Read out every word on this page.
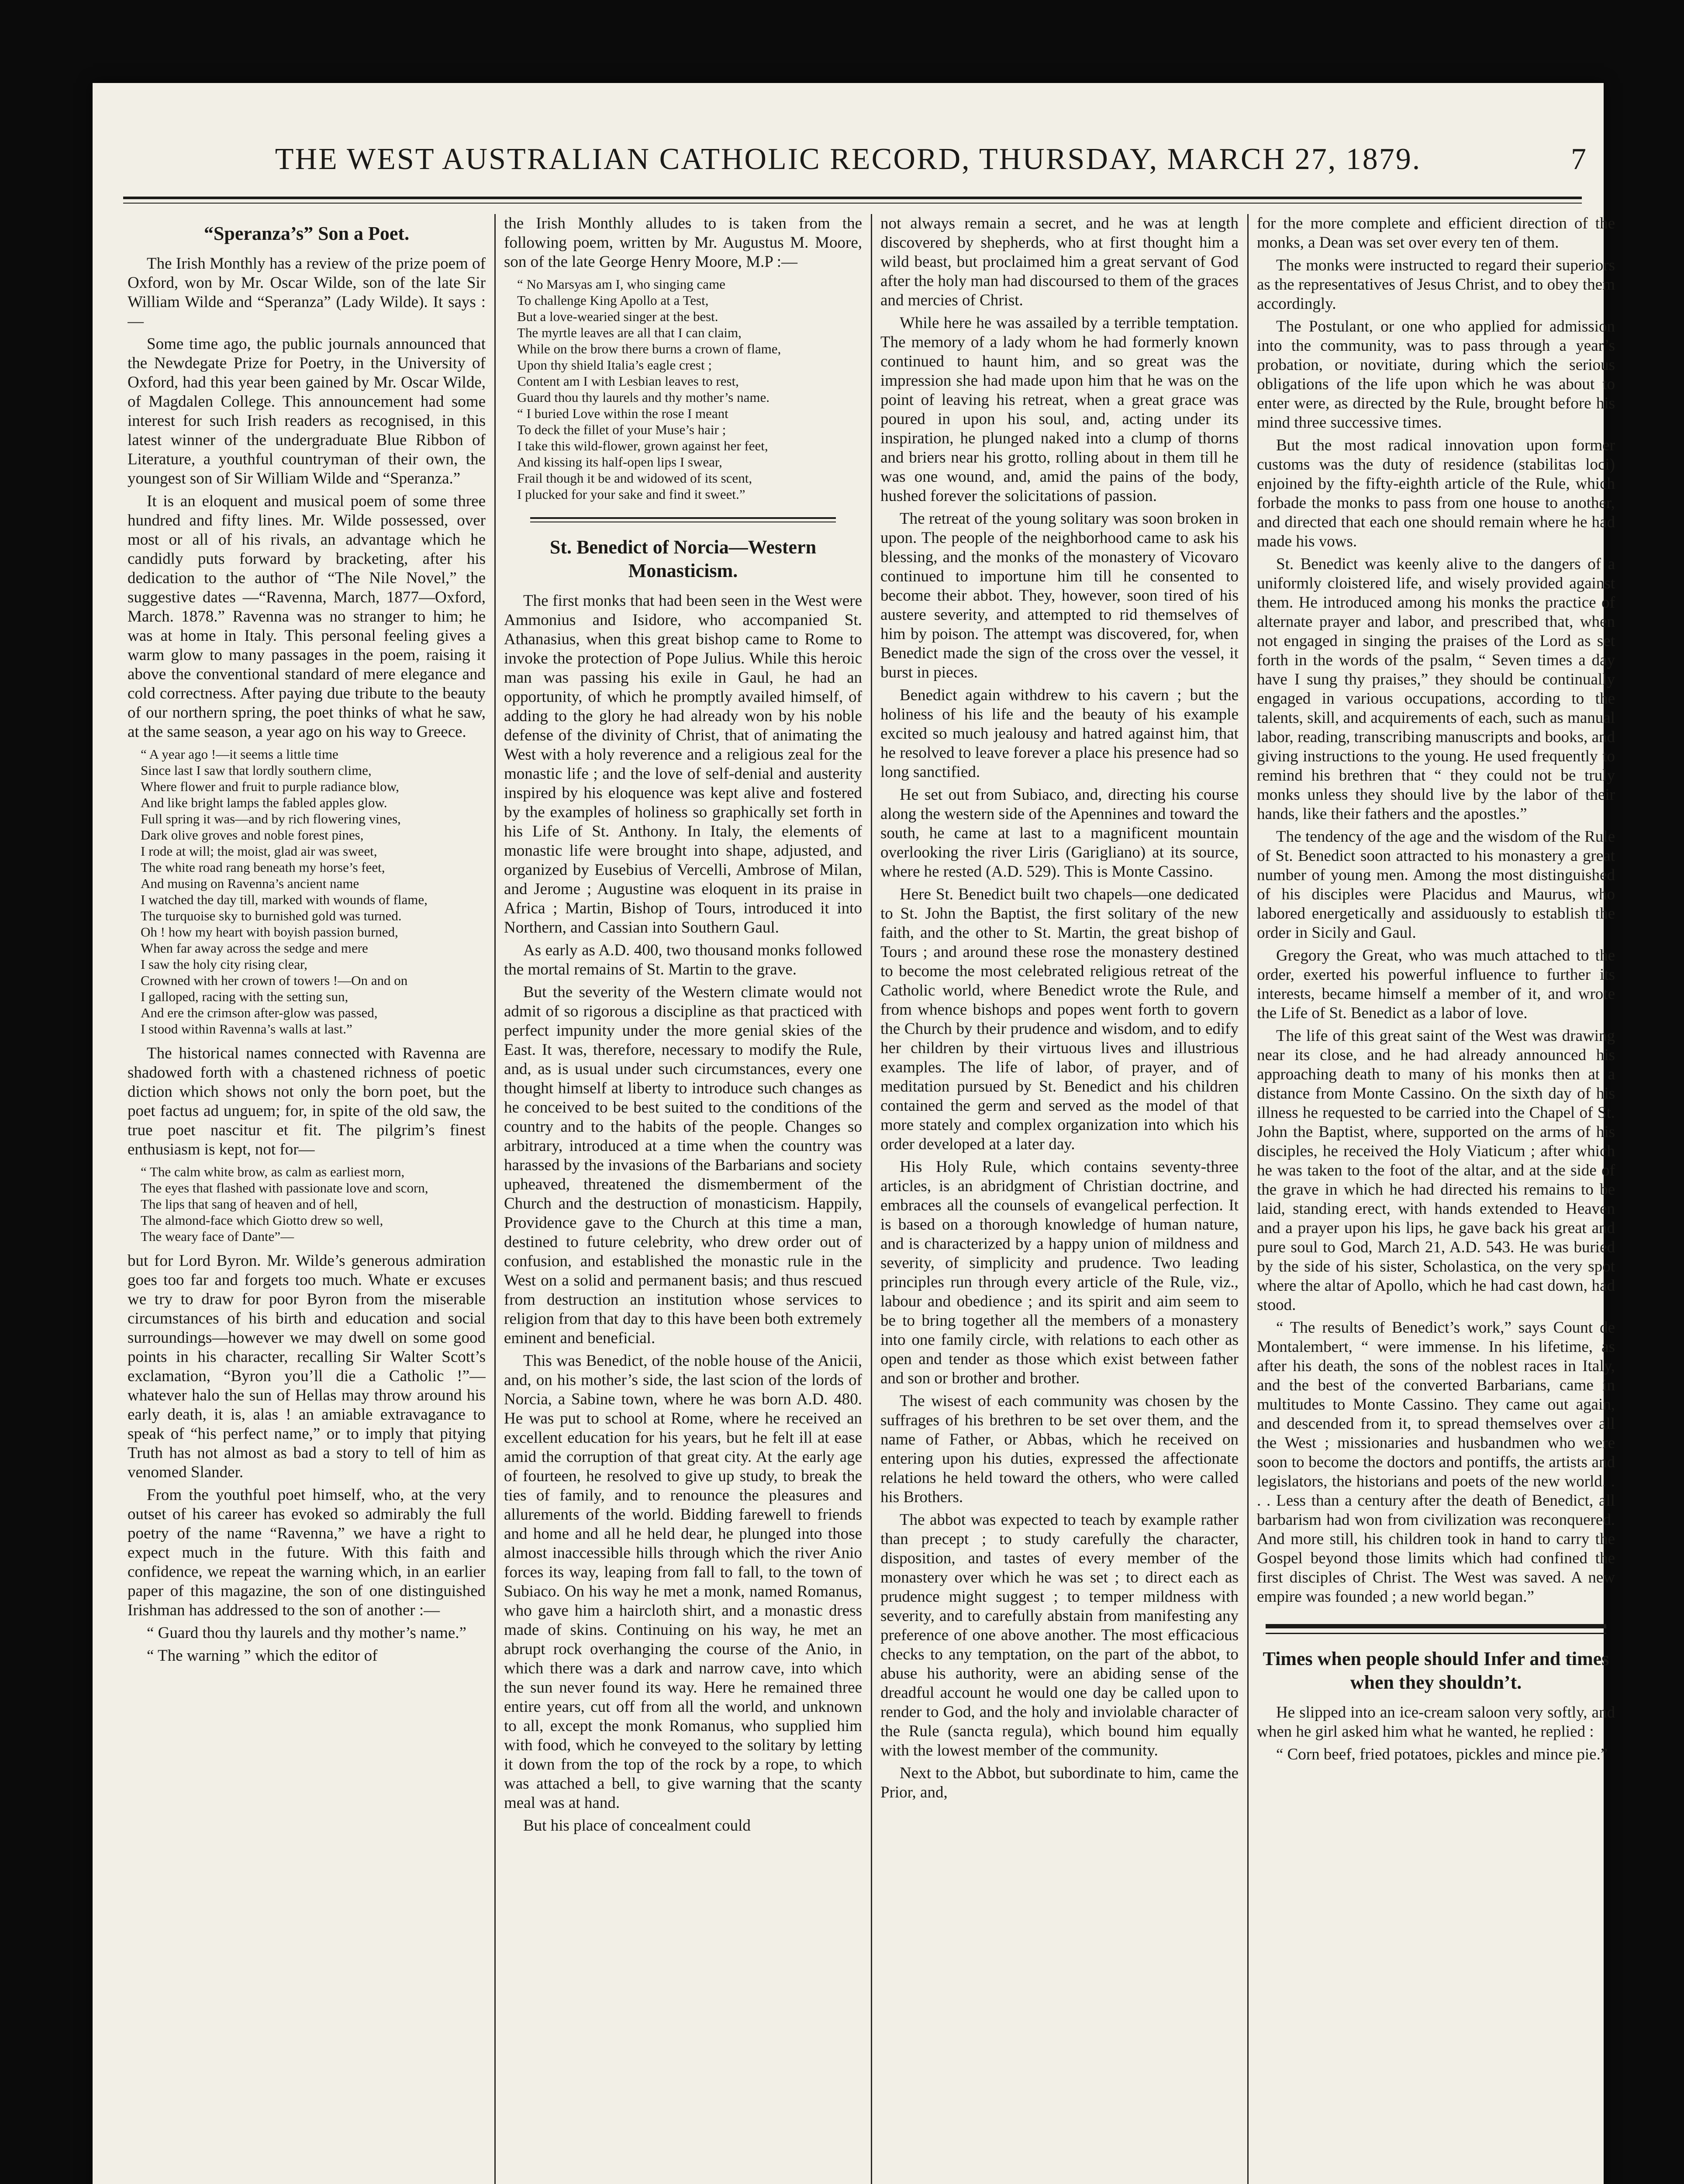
THE WEST AUSTRALIAN CATHOLIC RECORD, THURSDAY, MARCH 27, 1879.	7
“Speranza’s” Son a Poet.

The Irish Monthly has a review of the prize poem of Oxford, won by Mr. Oscar Wilde, son of the late Sir William Wilde and “Speranza” (Lady Wilde). It says :—

Some time ago, the public journals announced that the Newdegate Prize for Poetry, in the University of Oxford, had this year been gained by Mr. Oscar Wilde, of Magdalen College. This announcement had some interest for such Irish readers as recognised, in this latest winner of the undergraduate Blue Ribbon of Literature, a youthful countryman of their own, the youngest son of Sir William Wilde and “Speranza.”

It is an eloquent and musical poem of some three hundred and fifty lines. Mr. Wilde possessed, over most or all of his rivals, an advantage which he candidly puts forward by bracketing, after his dedication to the author of “The Nile Novel,” the suggestive dates —“Ravenna, March, 1877—Oxford, March. 1878.” Ravenna was no stranger to him; he was at home in Italy. This personal feeling gives a warm glow to many passages in the poem, raising it above the conventional standard of mere elegance and cold correctness. After paying due tribute to the beauty of our northern spring, the poet thinks of what he saw, at the same season, a year ago on his way to Greece.

“ A year ago !—it seems a little time
Since last I saw that lordly southern clime,
Where flower and fruit to purple radiance blow,
And like bright lamps the fabled apples glow.
Full spring it was—and by rich flowering vines,
Dark olive groves and noble forest pines,
I rode at will; the moist, glad air was sweet,
The white road rang beneath my horse’s feet,
And musing on Ravenna’s ancient name
I watched the day till, marked with wounds of flame,
The turquoise sky to burnished gold was turned.
Oh ! how my heart with boyish passion burned,
When far away across the sedge and mere
I saw the holy city rising clear,
Crowned with her crown of towers !—On and on
I galloped, racing with the setting sun,
And ere the crimson after-glow was passed,
I stood within Ravenna’s walls at last.”

The historical names connected with Ravenna are shadowed forth with a chastened richness of poetic diction which shows not only the born poet, but the poet factus ad unguem; for, in spite of the old saw, the true poet nascitur et fit. The pilgrim’s finest enthusiasm is kept, not for—

“ The calm white brow, as calm as earliest morn,
The eyes that flashed with passionate love and scorn,
The lips that sang of heaven and of hell,
The almond-face which Giotto drew so well,
The weary face of Dante”—

but for Lord Byron. Mr. Wilde’s generous admiration goes too far and forgets too much. Whate er excuses we try to draw for poor Byron from the miserable circumstances of his birth and education and social surroundings—however we may dwell on some good points in his character, recalling Sir Walter Scott’s exclamation, “Byron you’ll die a Catholic !”—whatever halo the sun of Hellas may throw around his early death, it is, alas ! an amiable extravagance to speak of “his perfect name,” or to imply that pitying Truth has not almost as bad a story to tell of him as venomed Slander.

From the youthful poet himself, who, at the very outset of his career has evoked so admirably the full poetry of the name “Ravenna,” we have a right to expect much in the future. With this faith and confidence, we repeat the warning which, in an earlier paper of this magazine, the son of one distinguished Irishman has addressed to the son of another :—

“ Guard thou thy laurels and thy mother’s name.”

“ The warning ” which the editor of

the Irish Monthly alludes to is taken from the following poem, written by Mr. Augustus M. Moore, son of the late George Henry Moore, M.P :—

“ No Marsyas am I, who singing came
To challenge King Apollo at a Test,
But a love-wearied singer at the best.
The myrtle leaves are all that I can claim,
While on the brow there burns a crown of flame,
Upon thy shield Italia’s eagle crest ;
Content am I with Lesbian leaves to rest,
Guard thou thy laurels and thy mother’s name.
“ I buried Love within the rose I meant
To deck the fillet of your Muse’s hair ;
I take this wild-flower, grown against her feet,
And kissing its half-open lips I swear,
Frail though it be and widowed of its scent,
I plucked for your sake and find it sweet.”
St. Benedict of Norcia—Western Monasticism.

The first monks that had been seen in the West were Ammonius and Isidore, who accompanied St. Athanasius, when this great bishop came to Rome to invoke the protection of Pope Julius. While this heroic man was passing his exile in Gaul, he had an opportunity, of which he promptly availed himself, of adding to the glory he had already won by his noble defense of the divinity of Christ, that of animating the West with a holy reverence and a religious zeal for the monastic life ; and the love of self-denial and austerity inspired by his eloquence was kept alive and fostered by the examples of holiness so graphically set forth in his Life of St. Anthony. In Italy, the elements of monastic life were brought into shape, adjusted, and organized by Eusebius of Vercelli, Ambrose of Milan, and Jerome ; Augustine was eloquent in its praise in Africa ; Martin, Bishop of Tours, introduced it into Northern, and Cassian into Southern Gaul.

As early as A.D. 400, two thousand monks followed the mortal remains of St. Martin to the grave.

But the severity of the Western climate would not admit of so rigorous a discipline as that practiced with perfect impunity under the more genial skies of the East. It was, therefore, necessary to modify the Rule, and, as is usual under such circumstances, every one thought himself at liberty to introduce such changes as he conceived to be best suited to the conditions of the country and to the habits of the people. Changes so arbitrary, introduced at a time when the country was harassed by the invasions of the Barbarians and society upheaved, threatened the dismemberment of the Church and the destruction of monasticism. Happily, Providence gave to the Church at this time a man, destined to future celebrity, who drew order out of confusion, and established the monastic rule in the West on a solid and permanent basis; and thus rescued from destruction an institution whose services to religion from that day to this have been both extremely eminent and beneficial.

This was Benedict, of the noble house of the Anicii, and, on his mother’s side, the last scion of the lords of Norcia, a Sabine town, where he was born A.D. 480. He was put to school at Rome, where he received an excellent education for his years, but he felt ill at ease amid the corruption of that great city. At the early age of fourteen, he resolved to give up study, to break the ties of family, and to renounce the pleasures and allurements of the world. Bidding farewell to friends and home and all he held dear, he plunged into those almost inaccessible hills through which the river Anio forces its way, leaping from fall to fall, to the town of Subiaco. On his way he met a monk, named Romanus, who gave him a haircloth shirt, and a monastic dress made of skins. Continuing on his way, he met an abrupt rock overhanging the course of the Anio, in which there was a dark and narrow cave, into which the sun never found its way. Here he remained three entire years, cut off from all the world, and unknown to all, except the monk Romanus, who supplied him with food, which he conveyed to the solitary by letting it down from the top of the rock by a rope, to which was attached a bell, to give warning that the scanty meal was at hand.

But his place of concealment could

not always remain a secret, and he was at length discovered by shepherds, who at first thought him a wild beast, but proclaimed him a great servant of God after the holy man had discoursed to them of the graces and mercies of Christ.

While here he was assailed by a terrible temptation. The memory of a lady whom he had formerly known continued to haunt him, and so great was the impression she had made upon him that he was on the point of leaving his retreat, when a great grace was poured in upon his soul, and, acting under its inspiration, he plunged naked into a clump of thorns and briers near his grotto, rolling about in them till he was one wound, and, amid the pains of the body, hushed forever the solicitations of passion.

The retreat of the young solitary was soon broken in upon. The people of the neighborhood came to ask his blessing, and the monks of the monastery of Vicovaro continued to importune him till he consented to become their abbot. They, however, soon tired of his austere severity, and attempted to rid themselves of him by poison. The attempt was discovered, for, when Benedict made the sign of the cross over the vessel, it burst in pieces.

Benedict again withdrew to his cavern ; but the holiness of his life and the beauty of his example excited so much jealousy and hatred against him, that he resolved to leave forever a place his presence had so long sanctified.

He set out from Subiaco, and, directing his course along the western side of the Apennines and toward the south, he came at last to a magnificent mountain overlooking the river Liris (Garigliano) at its source, where he rested (A.D. 529). This is Monte Cassino.

Here St. Benedict built two chapels—one dedicated to St. John the Baptist, the first solitary of the new faith, and the other to St. Martin, the great bishop of Tours ; and around these rose the monastery destined to become the most celebrated religious retreat of the Catholic world, where Benedict wrote the Rule, and from whence bishops and popes went forth to govern the Church by their prudence and wisdom, and to edify her children by their virtuous lives and illustrious examples. The life of labor, of prayer, and of meditation pursued by St. Benedict and his children contained the germ and served as the model of that more stately and complex organization into which his order developed at a later day.

His Holy Rule, which contains seventy-three articles, is an abridgment of Christian doctrine, and embraces all the counsels of evangelical perfection. It is based on a thorough knowledge of human nature, and is characterized by a happy union of mildness and severity, of simplicity and prudence. Two leading principles run through every article of the Rule, viz., labour and obedience ; and its spirit and aim seem to be to bring together all the members of a monastery into one family circle, with relations to each other as open and tender as those which exist between father and son or brother and brother.

The wisest of each community was chosen by the suffrages of his brethren to be set over them, and the name of Father, or Abbas, which he received on entering upon his duties, expressed the affectionate relations he held toward the others, who were called his Brothers.

The abbot was expected to teach by example rather than precept ; to study carefully the character, disposition, and tastes of every member of the monastery over which he was set ; to direct each as prudence might suggest ; to temper mildness with severity, and to carefully abstain from manifesting any preference of one above another. The most efficacious checks to any temptation, on the part of the abbot, to abuse his authority, were an abiding sense of the dreadful account he would one day be called upon to render to God, and the holy and inviolable character of the Rule (sancta regula), which bound him equally with the lowest member of the community.

Next to the Abbot, but subordinate to him, came the Prior, and,

for the more complete and efficient direction of the monks, a Dean was set over every ten of them.

The monks were instructed to regard their superiors as the representatives of Jesus Christ, and to obey them accordingly.

The Postulant, or one who applied for admission into the community, was to pass through a year’s probation, or novitiate, during which the serious obligations of the life upon which he was about to enter were, as directed by the Rule, brought before his mind three successive times.

But the most radical innovation upon former customs was the duty of residence (stabilitas loci) enjoined by the fifty-eighth article of the Rule, which forbade the monks to pass from one house to another, and directed that each one should remain where he had made his vows.

St. Benedict was keenly alive to the dangers of a uniformly cloistered life, and wisely provided against them. He introduced among his monks the practice of alternate prayer and labor, and prescribed that, when not engaged in singing the praises of the Lord as set forth in the words of the psalm, “ Seven times a day have I sung thy praises,” they should be continually engaged in various occupations, according to the talents, skill, and acquirements of each, such as manual labor, reading, transcribing manuscripts and books, and giving instructions to the young. He used frequently to remind his brethren that “ they could not be truly monks unless they should live by the labor of their hands, like their fathers and the apostles.”

The tendency of the age and the wisdom of the Rule of St. Benedict soon attracted to his monastery a great number of young men. Among the most distinguished of his disciples were Placidus and Maurus, who labored energetically and assiduously to establish the order in Sicily and Gaul.

Gregory the Great, who was much attached to the order, exerted his powerful influence to further its interests, became himself a member of it, and wrote the Life of St. Benedict as a labor of love.

The life of this great saint of the West was drawing near its close, and he had already announced his approaching death to many of his monks then at a distance from Monte Cassino. On the sixth day of his illness he requested to be carried into the Chapel of St. John the Baptist, where, supported on the arms of his disciples, he received the Holy Viaticum ; after which he was taken to the foot of the altar, and at the side of the grave in which he had directed his remains to be laid, standing erect, with hands extended to Heaven and a prayer upon his lips, he gave back his great and pure soul to God, March 21, A.D. 543. He was buried by the side of his sister, Scholastica, on the very spot where the altar of Apollo, which he had cast down, had stood.

“ The results of Benedict’s work,” says Count de Montalembert, “ were immense. In his lifetime, as after his death, the sons of the noblest races in Italy, and the best of the converted Barbarians, came in multitudes to Monte Cassino. They came out again, and descended from it, to spread themselves over all the West ; missionaries and husbandmen who were soon to become the doctors and pontiffs, the artists and legislators, the historians and poets of the new world. . . . Less than a century after the death of Benedict, all barbarism had won from civilization was reconquered. And more still, his children took in hand to carry the Gospel beyond those limits which had confined the first disciples of Christ. The West was saved. A new empire was founded ; a new world began.”

Times when people should Infer and times when they shouldn’t.

He slipped into an ice-cream saloon very softly, and when he girl asked him what he wanted, he replied :

“ Corn beef, fried potatoes, pickles and mince pie.”
